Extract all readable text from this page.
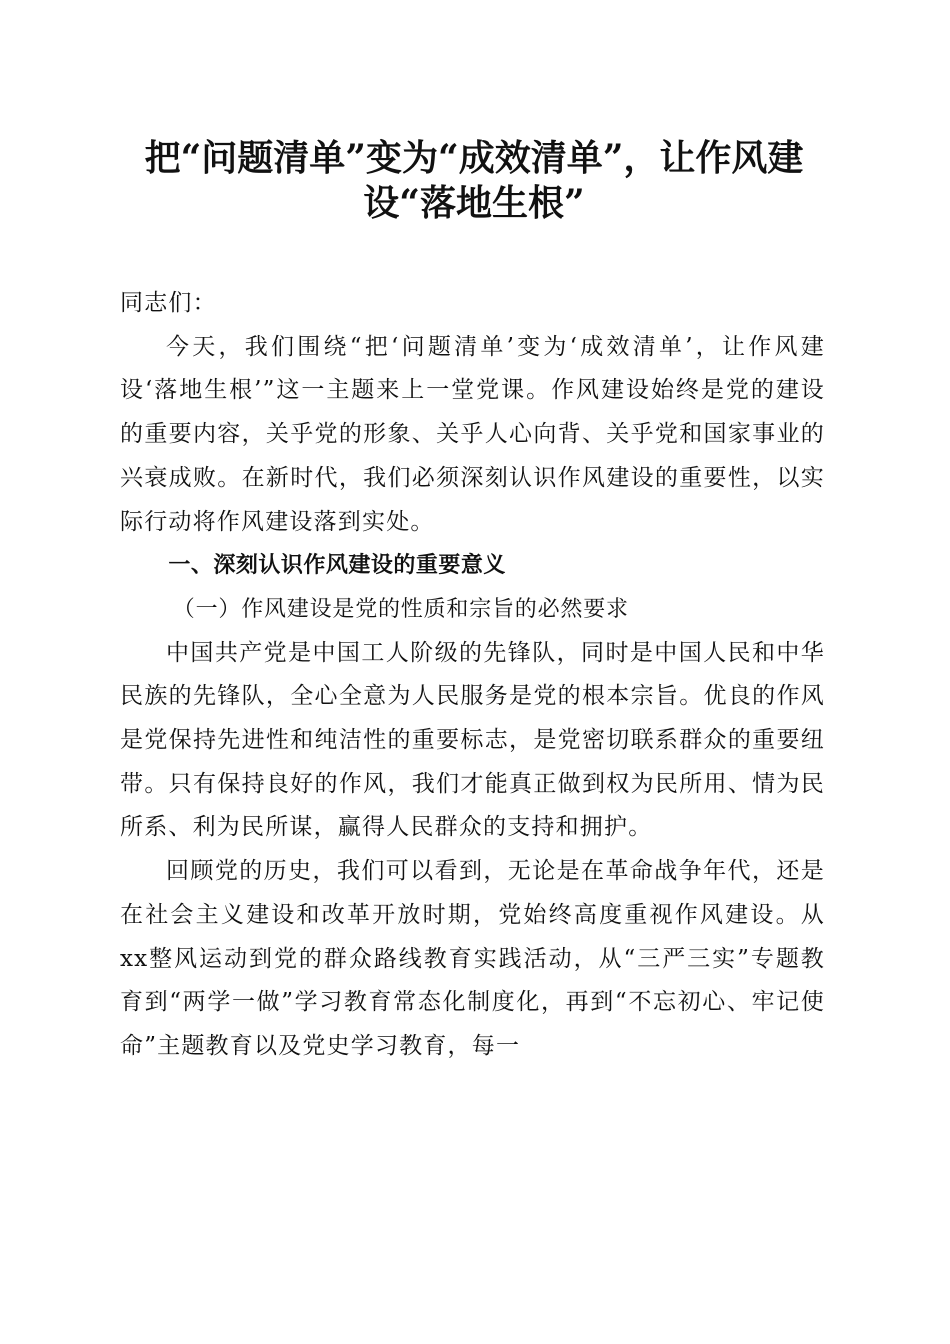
把“问题清单”变为“成效清单”，让作风建设“落地生根”

同志们：

今天，我们围绕“把‘问题清单’变为‘成效清单’，让作风建设‘落地生根’”这一主题来上一堂党课。作风建设始终是党的建设的重要内容，关乎党的形象、关乎人心向背、关乎党和国家事业的兴衰成败。在新时代，我们必须深刻认识作风建设的重要性，以实际行动将作风建设落到实处。

一、深刻认识作风建设的重要意义

（一）作风建设是党的性质和宗旨的必然要求

中国共产党是中国工人阶级的先锋队，同时是中国人民和中华民族的先锋队，全心全意为人民服务是党的根本宗旨。优良的作风是党保持先进性和纯洁性的重要标志，是党密切联系群众的重要纽带。只有保持良好的作风，我们才能真正做到权为民所用、情为民所系、利为民所谋，赢得人民群众的支持和拥护。

回顾党的历史，我们可以看到，无论是在革命战争年代，还是在社会主义建设和改革开放时期，党始终高度重视作风建设。从xx整风运动到党的群众路线教育实践活动，从“三严三实”专题教育到“两学一做”学习教育常态化制度化，再到“不忘初心、牢记使命”主题教育以及党史学习教育，每一
